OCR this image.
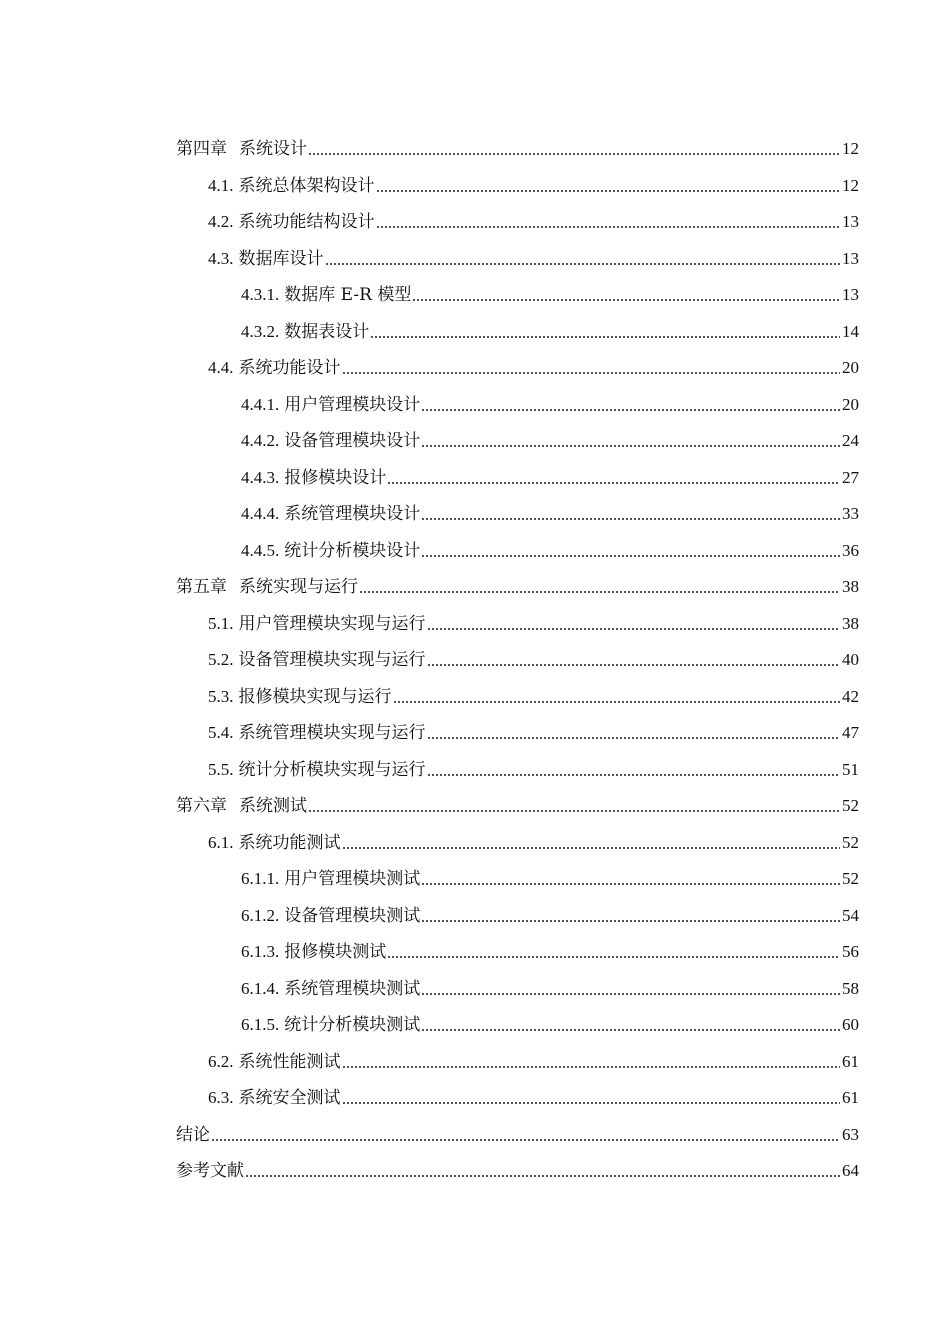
第四章 系统设计	12
4.1. 系统总体架构设计	12
4.2. 系统功能结构设计	13
4.3. 数据库设计	13
4.3.1. 数据库 E-R 模型	13
4.3.2. 数据表设计	14
4.4. 系统功能设计	20
4.4.1. 用户管理模块设计	20
4.4.2. 设备管理模块设计	24
4.4.3. 报修模块设计	27
4.4.4. 系统管理模块设计	33
4.4.5. 统计分析模块设计	36
第五章 系统实现与运行	38
5.1. 用户管理模块实现与运行	38
5.2. 设备管理模块实现与运行	40
5.3. 报修模块实现与运行	42
5.4. 系统管理模块实现与运行	47
5.5. 统计分析模块实现与运行	51
第六章 系统测试	52
6.1. 系统功能测试	52
6.1.1. 用户管理模块测试	52
6.1.2. 设备管理模块测试	54
6.1.3. 报修模块测试	56
6.1.4. 系统管理模块测试	58
6.1.5. 统计分析模块测试	60
6.2. 系统性能测试	61
6.3. 系统安全测试	61
结论	63
参考文献	64
